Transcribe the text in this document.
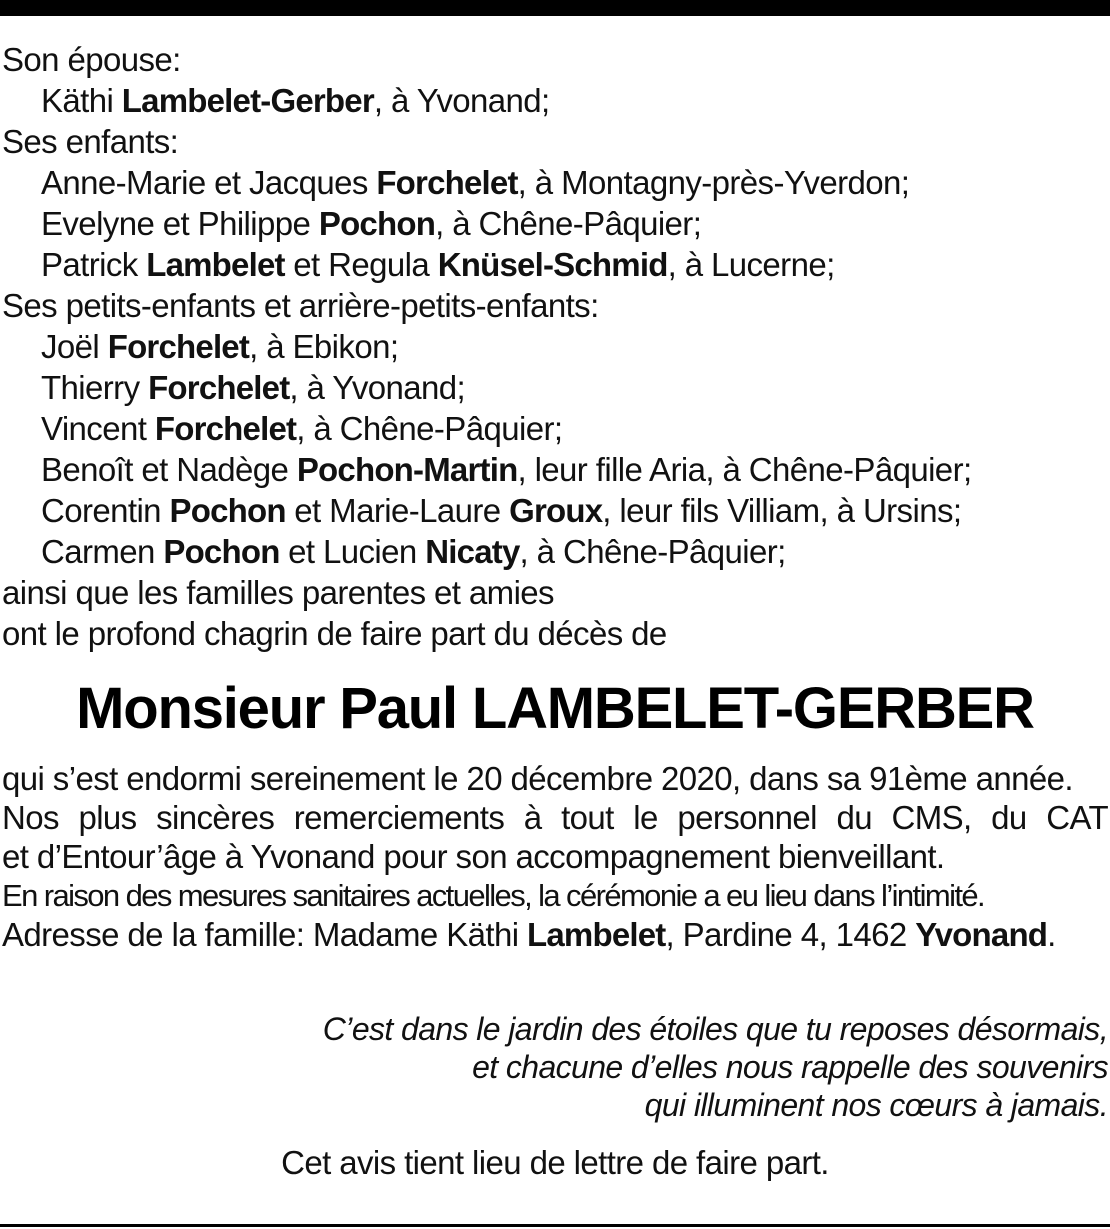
Son épouse:
Käthi Lambelet-Gerber, à Yvonand;
Ses enfants:
Anne-Marie et Jacques Forchelet, à Montagny-près-Yverdon;
Evelyne et Philippe Pochon, à Chêne-Pâquier;
Patrick Lambelet et Regula Knüsel-Schmid, à Lucerne;
Ses petits-enfants et arrière-petits-enfants:
Joël Forchelet, à Ebikon;
Thierry Forchelet, à Yvonand;
Vincent Forchelet, à Chêne-Pâquier;
Benoît et Nadège Pochon-Martin, leur fille Aria, à Chêne-Pâquier;
Corentin Pochon et Marie-Laure Groux, leur fils Villiam, à Ursins;
Carmen Pochon et Lucien Nicaty, à Chêne-Pâquier;
ainsi que les familles parentes et amies
ont le profond chagrin de faire part du décès de
Monsieur Paul LAMBELET-GERBER
qui s’est endormi sereinement le 20 décembre 2020, dans sa 91ème année.
Nos plus sincères remerciements à tout le personnel du CMS, du CAT
et d’Entour’âge à Yvonand pour son accompagnement bienveillant.
En raison des mesures sanitaires actuelles, la cérémonie a eu lieu dans l’intimité.
Adresse de la famille: Madame Käthi Lambelet, Pardine 4, 1462 Yvonand.
C’est dans le jardin des étoiles que tu reposes désormais,
et chacune d’elles nous rappelle des souvenirs
qui illuminent nos cœurs à jamais.
Cet avis tient lieu de lettre de faire part.
